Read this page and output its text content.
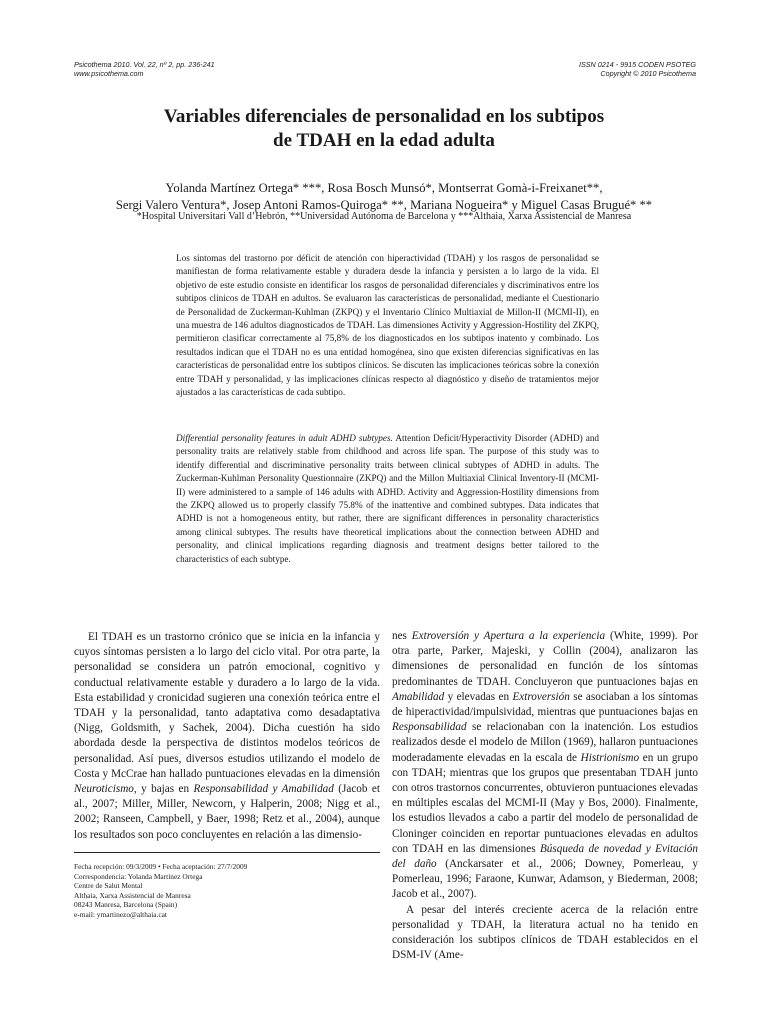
Psicothema 2010. Vol. 22, nº 2, pp. 236-241
www.psicothema.com
ISSN 0214 - 9915 CODEN PSOTEG
Copyright © 2010 Psicothema
Variables diferenciales de personalidad en los subtipos
de TDAH en la edad adulta
Yolanda Martínez Ortega* ***, Rosa Bosch Munsó*, Montserrat Gomà-i-Freixanet**,
Sergi Valero Ventura*, Josep Antoni Ramos-Quiroga* **, Mariana Nogueira* y Miguel Casas Brugué* **
*Hospital Universitari Vall d’Hebrón, **Universidad Autónoma de Barcelona y ***Althaia, Xarxa Assistencial de Manresa
Los síntomas del trastorno por déficit de atención con hiperactividad (TDAH) y los rasgos de personalidad se manifiestan de forma relativamente estable y duradera desde la infancia y persisten a lo largo de la vida. El objetivo de este estudio consiste en identificar los rasgos de personalidad diferenciales y discriminativos entre los subtipos clínicos de TDAH en adultos. Se evaluaron las características de personalidad, mediante el Cuestionario de Personalidad de Zuckerman-Kuhlman (ZKPQ) y el Inventario Clínico Multiaxial de Millon-II (MCMI-II), en una muestra de 146 adultos diagnosticados de TDAH. Las dimensiones Activity y Aggression-Hostility del ZKPQ, permitieron clasificar correctamente al 75,8% de los diagnosticados en los subtipos inatento y combinado. Los resultados indican que el TDAH no es una entidad homogénea, sino que existen diferencias significativas en las características de personalidad entre los subtipos clínicos. Se discuten las implicaciones teóricas sobre la conexión entre TDAH y personalidad, y las implicaciones clínicas respecto al diagnóstico y diseño de tratamientos mejor ajustados a las características de cada subtipo.
Differential personality features in adult ADHD subtypes. Attention Deficit/Hyperactivity Disorder (ADHD) and personality traits are relatively stable from childhood and across life span. The purpose of this study was to identify differential and discriminative personality traits between clinical subtypes of ADHD in adults. The Zuckerman-Kuhlman Personality Questionnaire (ZKPQ) and the Millon Multiaxial Clinical Inventory-II (MCMI-II) were administered to a sample of 146 adults with ADHD. Activity and Aggression-Hostility dimensions from the ZKPQ allowed us to properly classify 75.8% of the inattentive and combined subtypes. Data indicates that ADHD is not a homogeneous entity, but rather, there are significant differences in personality characteristics among clinical subtypes. The results have theoretical implications about the connection between ADHD and personality, and clinical implications regarding diagnosis and treatment designs better tailored to the characteristics of each subtype.

El TDAH es un trastorno crónico que se inicia en la infancia y cuyos síntomas persisten a lo largo del ciclo vital. Por otra parte, la personalidad se considera un patrón emocional, cognitivo y conductual relativamente estable y duradero a lo largo de la vida. Esta estabilidad y cronicidad sugieren una conexión teórica entre el TDAH y la personalidad, tanto adaptativa como desadaptativa (Nigg, Goldsmith, y Sachek, 2004). Dicha cuestión ha sido abordada desde la perspectiva de distintos modelos teóricos de personalidad. Así pues, diversos estudios utilizando el modelo de Costa y McCrae han hallado puntuaciones elevadas en la dimensión Neuroticismo, y bajas en Responsabilidad y Amabilidad (Jacob et al., 2007; Miller, Miller, Newcorn, y Halperin, 2008; Nigg et al., 2002; Ranseen, Campbell, y Baer, 1998; Retz et al., 2004), aunque los resultados son poco concluyentes en relación a las dimensio-

Fecha recepción: 09/3/2009 • Fecha aceptación: 27/7/2009
Correspondencia: Yolanda Martínez Ortega
Centre de Salut Mental
Althaia, Xarxa Assistencial de Manresa
08243 Manresa, Barcelona (Spain)
e-mail: ymartinezo@althaia.cat

nes Extroversión y Apertura a la experiencia (White, 1999). Por otra parte, Parker, Majeski, y Collin (2004), analizaron las dimensiones de personalidad en función de los síntomas predominantes de TDAH. Concluyeron que puntuaciones bajas en Amabilidad y elevadas en Extroversión se asociaban a los síntomas de hiperactividad/impulsividad, mientras que puntuaciones bajas en Responsabilidad se relacionaban con la inatención. Los estudios realizados desde el modelo de Millon (1969), hallaron puntuaciones moderadamente elevadas en la escala de Histrionismo en un grupo con TDAH; mientras que los grupos que presentaban TDAH junto con otros trastornos concurrentes, obtuvieron puntuaciones elevadas en múltiples escalas del MCMI-II (May y Bos, 2000). Finalmente, los estudios llevados a cabo a partir del modelo de personalidad de Cloninger coinciden en reportar puntuaciones elevadas en adultos con TDAH en las dimensiones Búsqueda de novedad y Evitación del daño (Anckarsater et al., 2006; Downey, Pomerleau, y Pomerleau, 1996; Faraone, Kunwar, Adamson, y Biederman, 2008; Jacob et al., 2007).

A pesar del interés creciente acerca de la relación entre personalidad y TDAH, la literatura actual no ha tenido en consideración los subtipos clínicos de TDAH establecidos en el DSM-IV (Ame-
